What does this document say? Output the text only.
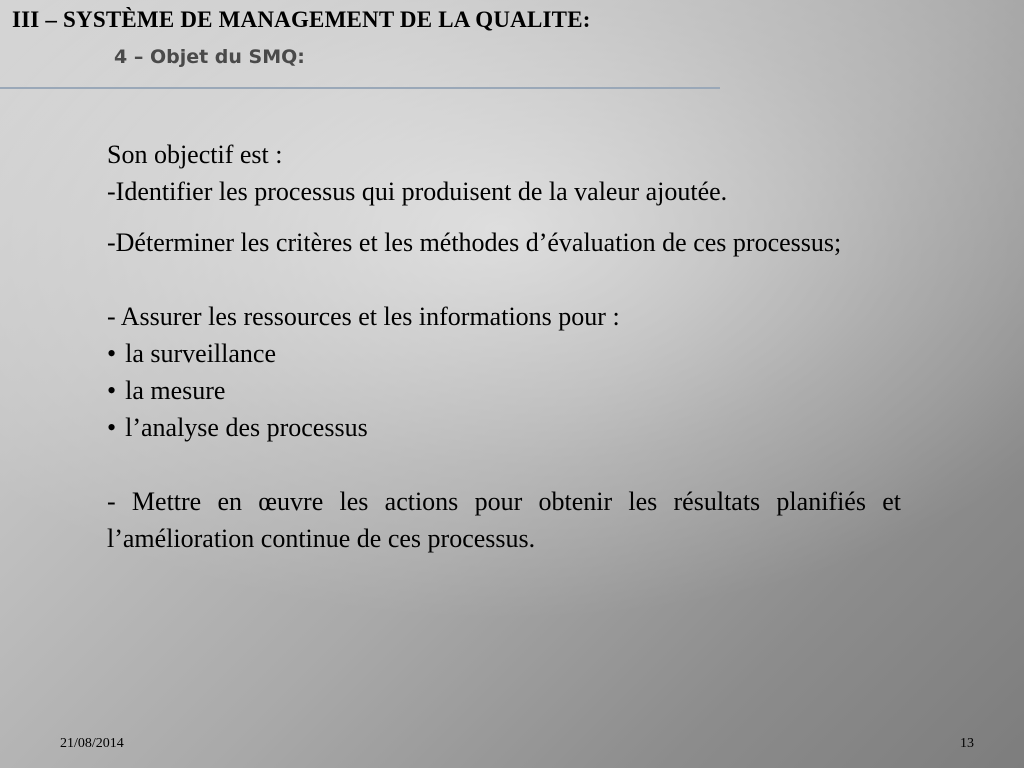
III – SYSTÈME DE MANAGEMENT DE LA QUALITE:
4 – Objet du SMQ:

Son objectif est :

-Identifier les processus qui produisent de la valeur ajoutée.

-Déterminer les critères et les méthodes d’évaluation de ces processus;

- Assurer les ressources et les informations pour :

• la surveillance
• la mesure
• l’analyse des processus

- Mettre en œuvre les actions pour obtenir les résultats planifiés et l’amélioration continue de ces processus.

21/08/2014	13
